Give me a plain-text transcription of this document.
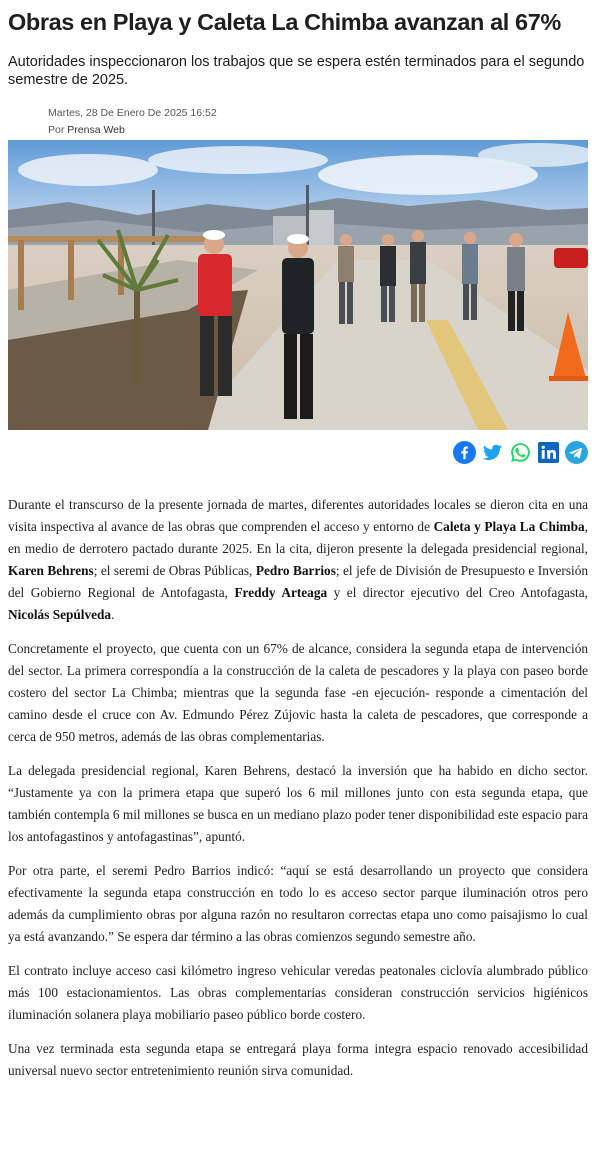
Obras en Playa y Caleta La Chimba avanzan al 67%
Autoridades inspeccionaron los trabajos que se espera estén terminados para el segundo semestre de 2025.
Martes, 28 De Enero De 2025 16:52
Por Prensa Web

Durante el transcurso de la presente jornada de martes, diferentes autoridades locales se dieron cita en una visita inspectiva al avance de las obras que comprenden el acceso y entorno de Caleta y Playa La Chimba, en medio de derrotero pactado durante 2025. En la cita, dijeron presente la delegada presidencial regional, Karen Behrens; el seremi de Obras Públicas, Pedro Barrios; el jefe de División de Presupuesto e Inversión del Gobierno Regional de Antofagasta, Freddy Arteaga y el director ejecutivo del Creo Antofagasta, Nicolás Sepúlveda.

Concretamente el proyecto, que cuenta con un 67% de alcance, considera la segunda etapa de intervención del sector. La primera correspondía a la construcción de la caleta de pescadores y la playa con paseo borde costero del sector La Chimba; mientras que la segunda fase -en ejecución- responde a cimentación del camino desde el cruce con Av. Edmundo Pérez Zújovic hasta la caleta de pescadores, que corresponde a cerca de 950 metros, además de las obras complementarias.

La delegada presidencial regional, Karen Behrens, destacó la inversión que ha habido en dicho sector. “Justamente ya con la primera etapa que superó los 6 mil millones junto con esta segunda etapa, que también contempla 6 mil millones se busca en un mediano plazo poder tener disponibilidad este espacio para los antofagastinos y antofagastinas”, apuntó.

Por otra parte, el seremi Pedro Barrios indicó: “aquí se está desarrollando un proyecto que considera efectivamente la segunda etapa construcción en todo lo es acceso sector parque iluminación otros pero además da cumplimiento obras por alguna razón no resultaron correctas etapa uno como paisajismo lo cual ya está avanzando.” Se espera dar término a las obras comienzos segundo semestre año.

El contrato incluye acceso casi kilómetro ingreso vehicular veredas peatonales ciclovía alumbrado público más 100 estacionamientos. Las obras complementarias consideran construcción servicios higiénicos iluminación solanera playa mobiliario paseo público borde costero.

Una vez terminada esta segunda etapa se entregará playa forma integra espacio renovado accesibilidad universal nuevo sector entretenimiento reunión sirva comunidad.
